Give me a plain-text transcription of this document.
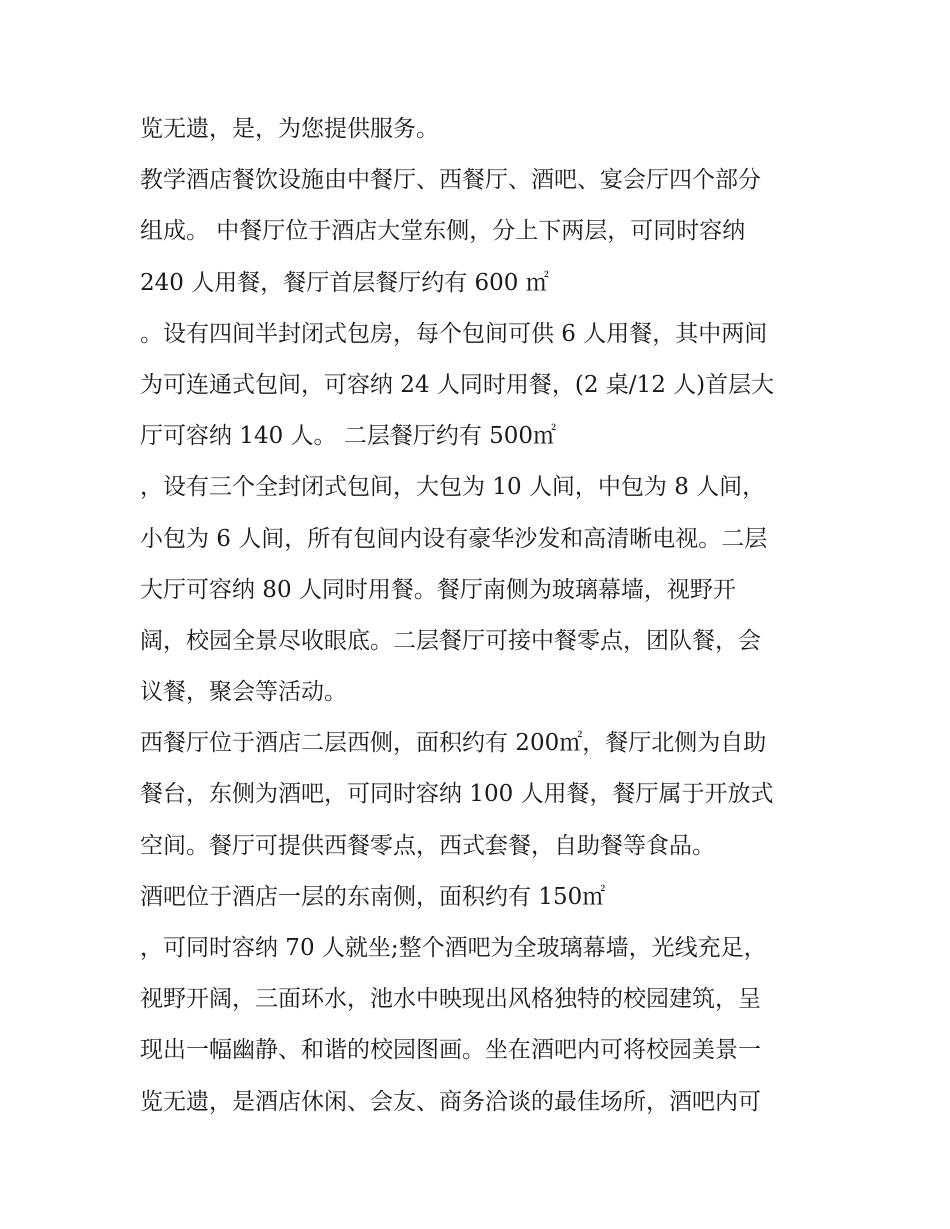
览无遗，是，为您提供服务。
教学酒店餐饮设施由中餐厅、西餐厅、酒吧、宴会厅四个部分
组成。 中餐厅位于酒店大堂东侧，分上下两层，可同时容纳
240 人用餐，餐厅首层餐厅约有 600 ㎡
。设有四间半封闭式包房，每个包间可供 6 人用餐，其中两间
为可连通式包间，可容纳 24 人同时用餐，(2 桌/12 人)首层大
厅可容纳 140 人。 二层餐厅约有 500㎡
，设有三个全封闭式包间，大包为 10 人间，中包为 8 人间，
小包为 6 人间，所有包间内设有豪华沙发和高清晰电视。二层
大厅可容纳 80 人同时用餐。餐厅南侧为玻璃幕墙，视野开
阔，校园全景尽收眼底。二层餐厅可接中餐零点，团队餐，会
议餐，聚会等活动。
西餐厅位于酒店二层西侧，面积约有 200㎡，餐厅北侧为自助
餐台，东侧为酒吧，可同时容纳 100 人用餐，餐厅属于开放式
空间。餐厅可提供西餐零点，西式套餐，自助餐等食品。
酒吧位于酒店一层的东南侧，面积约有 150㎡
，可同时容纳 70 人就坐;整个酒吧为全玻璃幕墙，光线充足，
视野开阔，三面环水，池水中映现出风格独特的校园建筑，呈
现出一幅幽静、和谐的校园图画。坐在酒吧内可将校园美景一
览无遗，是酒店休闲、会友、商务洽谈的最佳场所，酒吧内可
